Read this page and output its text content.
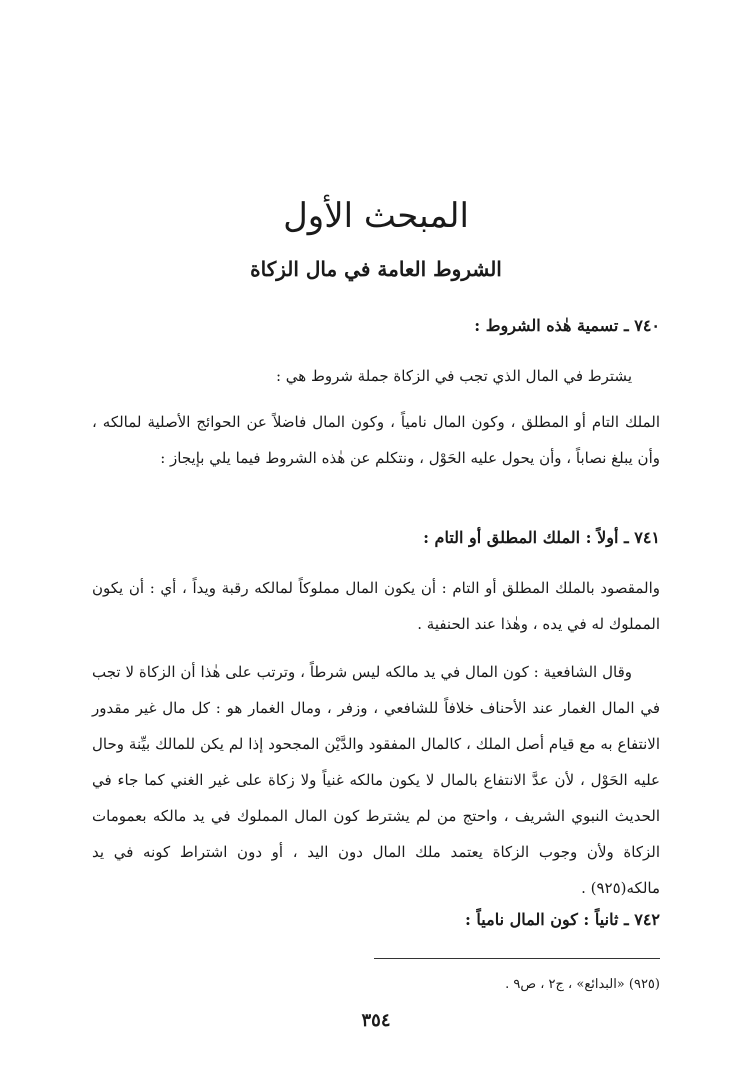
المبحث الأول
الشروط العامة في مال الزكاة
٧٤٠ ـ تسمية هٰذه الشروط :
يشترط في المال الذي تجب في الزكاة جملة شروط هي :
الملك التام أو المطلق ، وكون المال نامياً ، وكون المال فاضلاً عن الحوائج الأصلية لمالكه ، وأن يبلغ نصاباً ، وأن يحول عليه الحَوْل ، ونتكلم عن هٰذه الشروط فيما يلي بإيجاز :
٧٤١ ـ أولاً : الملك المطلق أو التام :
والمقصود بالملك المطلق أو التام : أن يكون المال مملوكاً لمالكه رقبة ويداً ، أي : أن يكون المملوك له في يده ، وهٰذا عند الحنفية .
وقال الشافعية : كون المال في يد مالكه ليس شرطاً ، وترتب على هٰذا أن الزكاة لا تجب في المال الغمار عند الأحناف خلافاً للشافعي ، وزفر ، ومال الغمار هو : كل مال غير مقدور الانتفاع به مع قيام أصل الملك ، كالمال المفقود والدَّيْن المجحود إذا لم يكن للمالك بيِّنة وحال عليه الحَوْل ، لأن عدَّ الانتفاع بالمال لا يكون مالكه غنياً ولا زكاة على غير الغني كما جاء في الحديث النبوي الشريف ، واحتج من لم يشترط كون المال المملوك في يد مالكه بعمومات الزكاة ولأن وجوب الزكاة يعتمد ملك المال دون اليد ، أو دون اشتراط كونه في يد مالكه(٩٢٥) .
٧٤٢ ـ ثانياً : كون المال نامياً :
(٩٢٥) «البدائع» ، ج٢ ، ص٩ .
٣٥٤
